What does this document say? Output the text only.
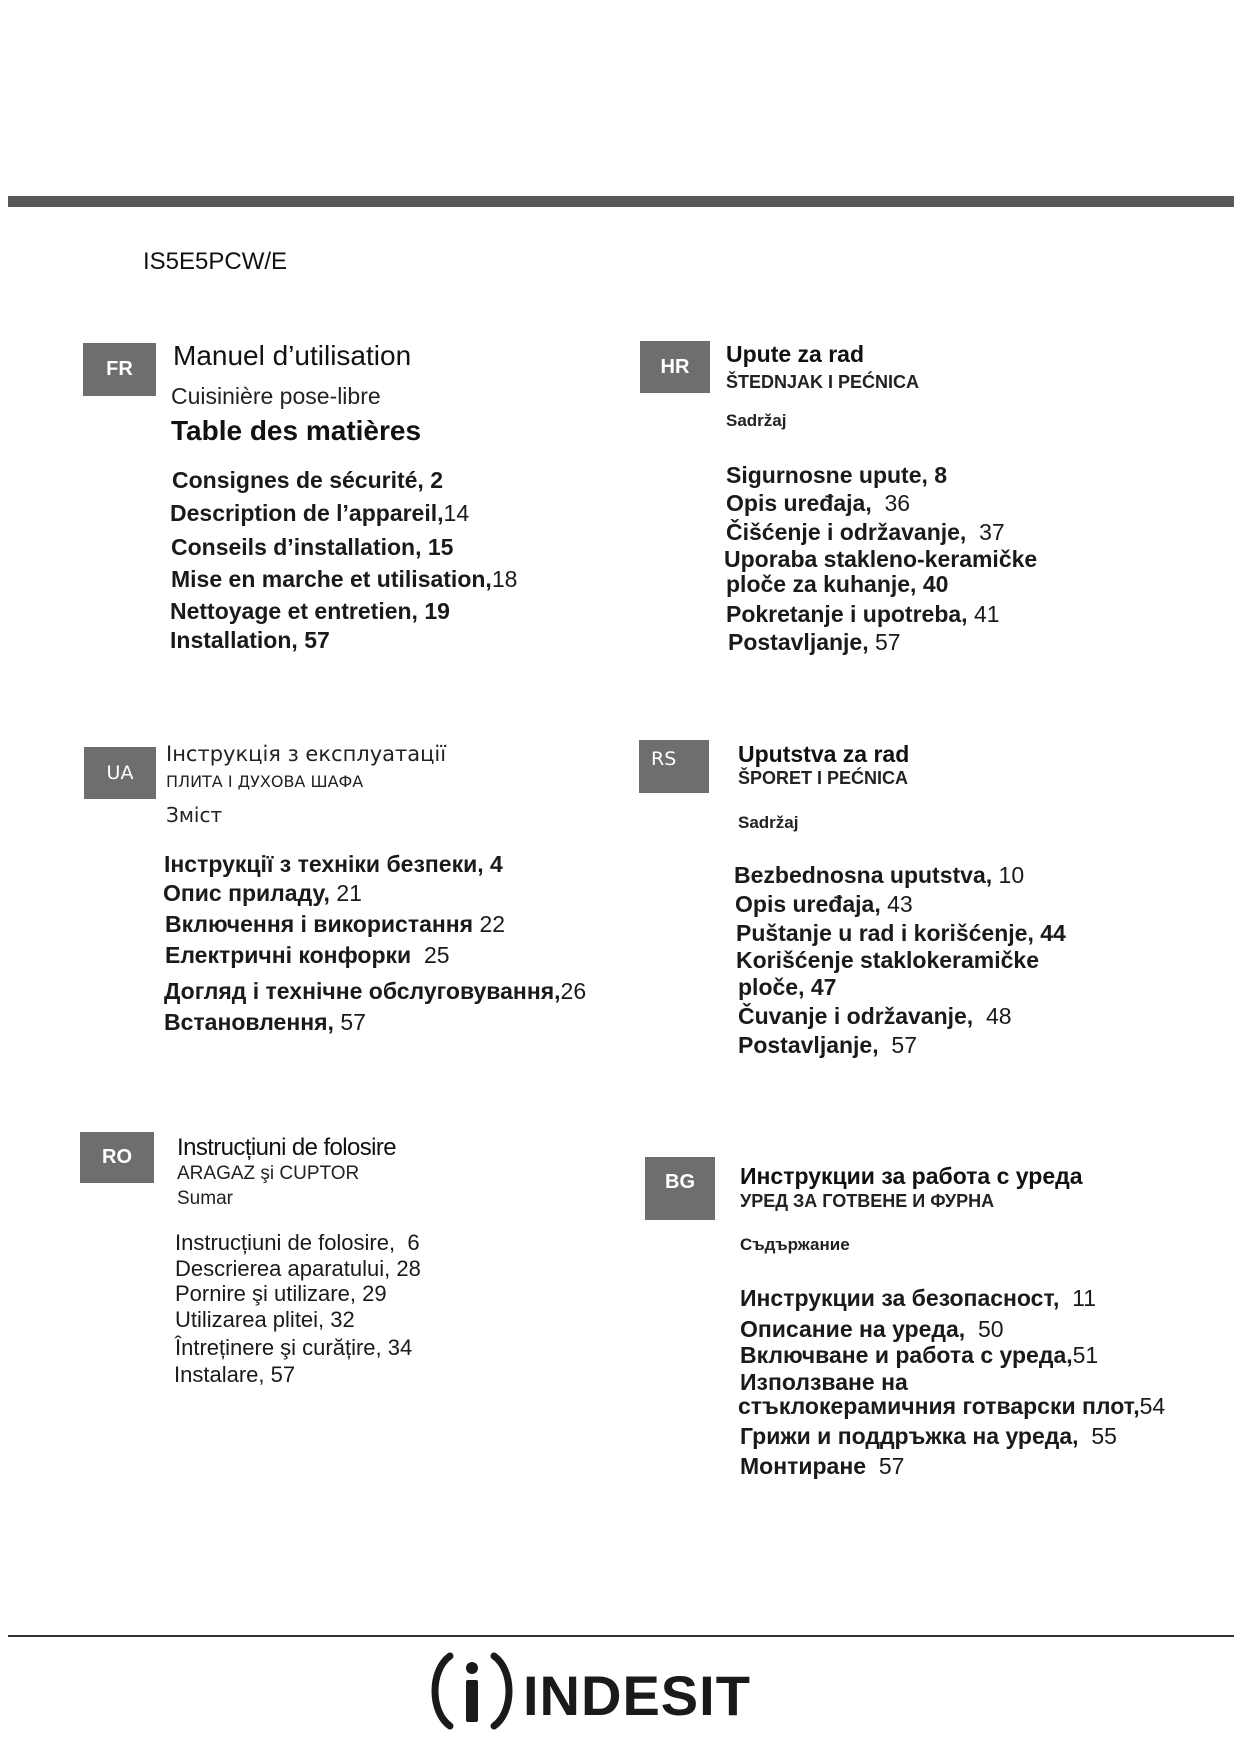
IS5E5PCW/E
FR	Manuel d’utilisation
Cuisinière pose-libre
Table des matières
Consignes de sécurité, 2
Description de l’appareil,14
Conseils d’installation, 15
Mise en marche et utilisation,18
Nettoyage et entretien, 19
Installation, 57
HR	Upute za rad
ŠTEDNJAK I PEĆNICA
Sadržaj
Sigurnosne upute, 8
Opis uređaja, 36
Čišćenje i održavanje, 37
Uporaba stakleno-keramičke
ploče za kuhanje, 40
Pokretanje i upotreba, 41
Postavljanje, 57
UA
Інструкція з експлуатації
ПЛИТА І ДУХОВА ШАФА
Зміст
Інструкції з техніки безпеки, 4
Опис приладу, 21
Включення і використання 22
Електричні конфорки 25
Догляд і технічне обслуговування,26
Встановлення, 57
RS	Uputstva za rad
ŠPORET I PEĆNICA
Sadržaj
Bezbednosna uputstva, 10
Opis uređaja, 43
Puštanje u rad i korišćenje, 44
Korišćenje staklokeramičke
ploče, 47
Čuvanje i održavanje, 48
Postavljanje, 57
RO	Instrucțiuni de folosire
ARAGAZ şi CUPTOR
Sumar
Instrucțiuni de folosire, 6
Descrierea aparatului, 28
Pornire şi utilizare, 29
Utilizarea plitei, 32
Întreținere şi curățire, 34
Instalare, 57
BG	Инструкции за работа с уреда
УРЕД ЗА ГОТВЕНЕ И ФУРНА
Съдържание
Инструкции за безопасност, 11
Описание на уреда, 50
Включване и работа с уреда,51
Използване на
стъклокерамичния готварски плот,54
Грижи и поддръжка на уреда, 55
Монтиране 57
INDESIT
